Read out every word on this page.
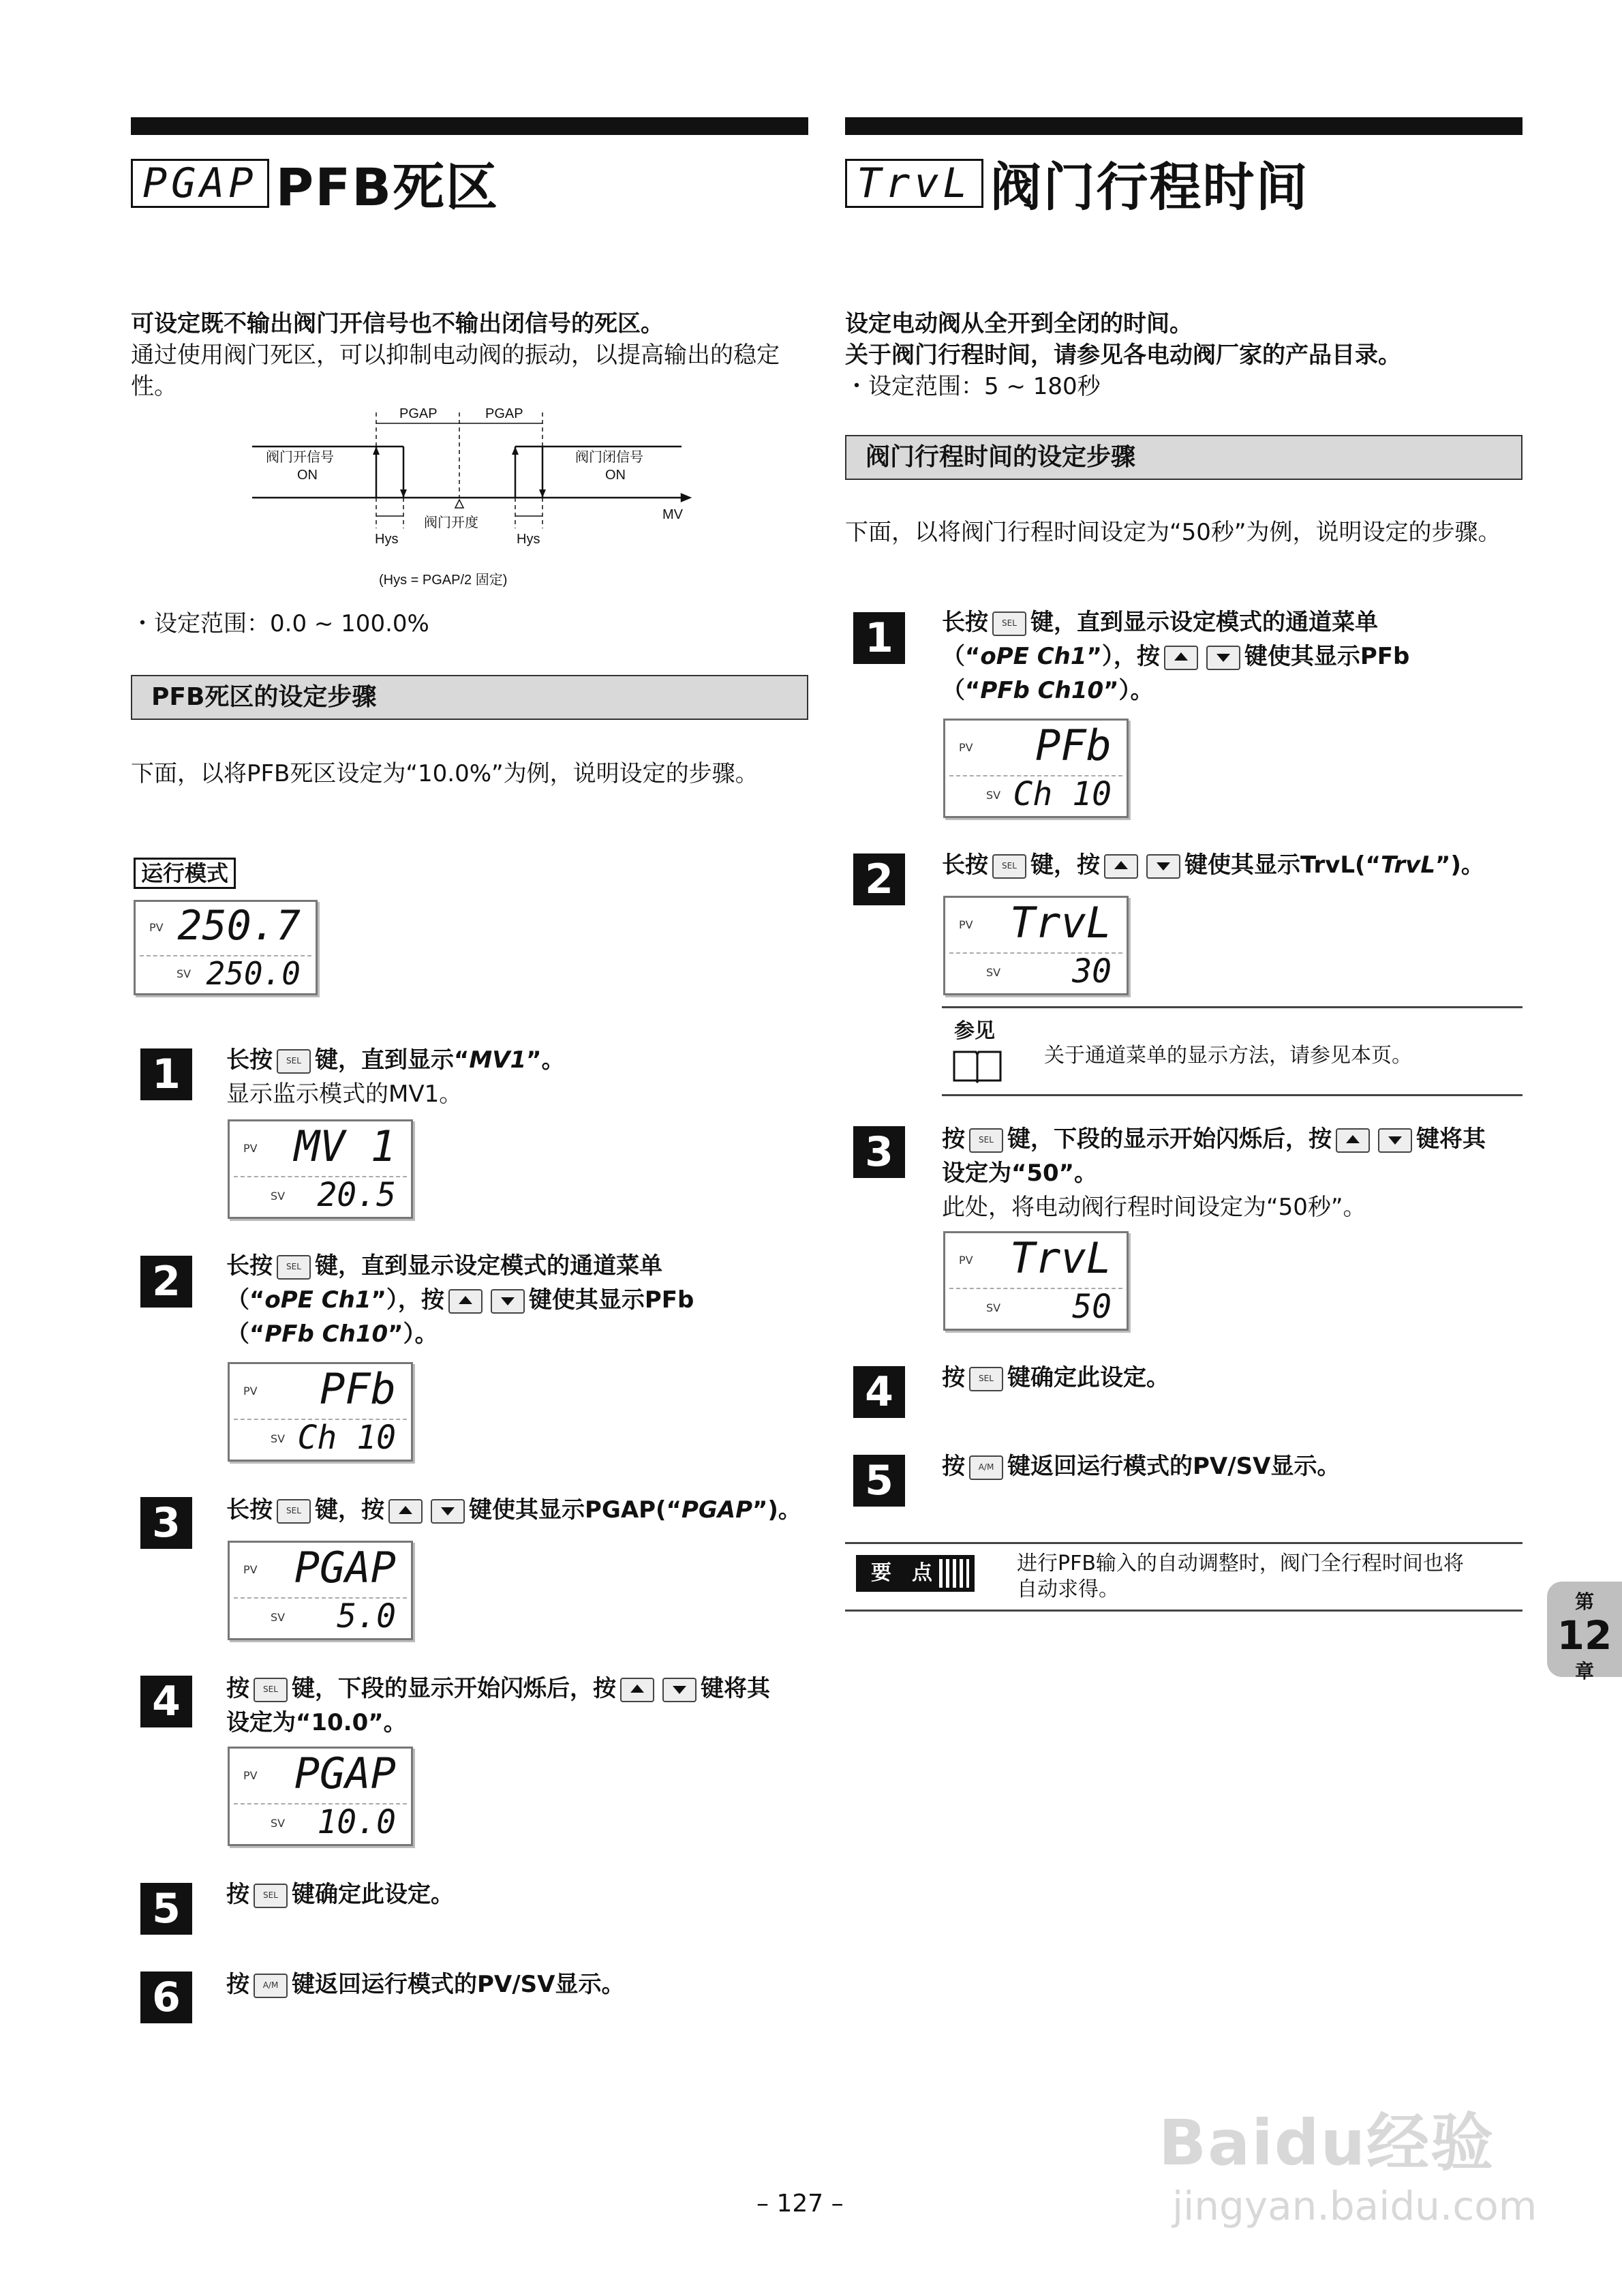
PGAP PFB死区
可设定既不输出阀门开信号也不输出闭信号的死区。
通过使用阀门死区，可以抑制电动阀的振动，以提高输出的稳定性。
PGAP	PGAP
阀门开信号
ON
阀门闭信号
ON
MV
Hys	Hys
阀门开度
(Hys = PGAP/2 固定)
・设定范围：0.0 ~ 100.0%
PFB死区的设定步骤
下面，以将PFB死区设定为“10.0%”为例，说明设定的步骤。
运行模式
PV 250.7
SV 250.0
1	长按 SEL 键，直到显示“MV1”。
显示监示模式的MV1。
PV MV 1
SV 20.5
2	长按 SEL 键，直到显示设定模式的通道菜单
（“oPE Ch1”），按	键使其显示PFb
（“PFb Ch10”）。
PV PFb
SV Ch 10
3	长按 SEL 键，按	键使其显示PGAP(“PGAP”)。
PV PGAP
SV 5.0
4	按 SEL 键，下段的显示开始闪烁后，按	键将其
设定为“10.0”。
PV PGAP
SV 10.0
5	按 SEL 键确定此设定。
6	按 A/M 键返回运行模式的PV/SV显示。
TrvL 阀门行程时间
设定电动阀从全开到全闭的时间。
关于阀门行程时间，请参见各电动阀厂家的产品目录。
・设定范围：5 ~ 180秒
阀门行程时间的设定步骤
下面，以将阀门行程时间设定为“50秒”为例，说明设定的步骤。
1	长按 SEL 键，直到显示设定模式的通道菜单
（“oPE Ch1”），按	键使其显示PFb
（“PFb Ch10”）。
PV PFb
SV Ch 10
2	长按 SEL 键，按	键使其显示TrvL(“TrvL”)。
PV TrvL
SV 30
参见
关于通道菜单的显示方法，请参见本页。
3	按 SEL 键，下段的显示开始闪烁后，按	键将其
设定为“50”。
此处，将电动阀行程时间设定为“50秒”。
PV TrvL
SV 50
4	按 SEL 键确定此设定。
5	按 A/M 键返回运行模式的PV/SV显示。
要　点	进行PFB输入的自动调整时，阀门全行程时间也将
自动求得。
第
12
章
– 127 –
Baidu经验
jingyan.baidu.com
